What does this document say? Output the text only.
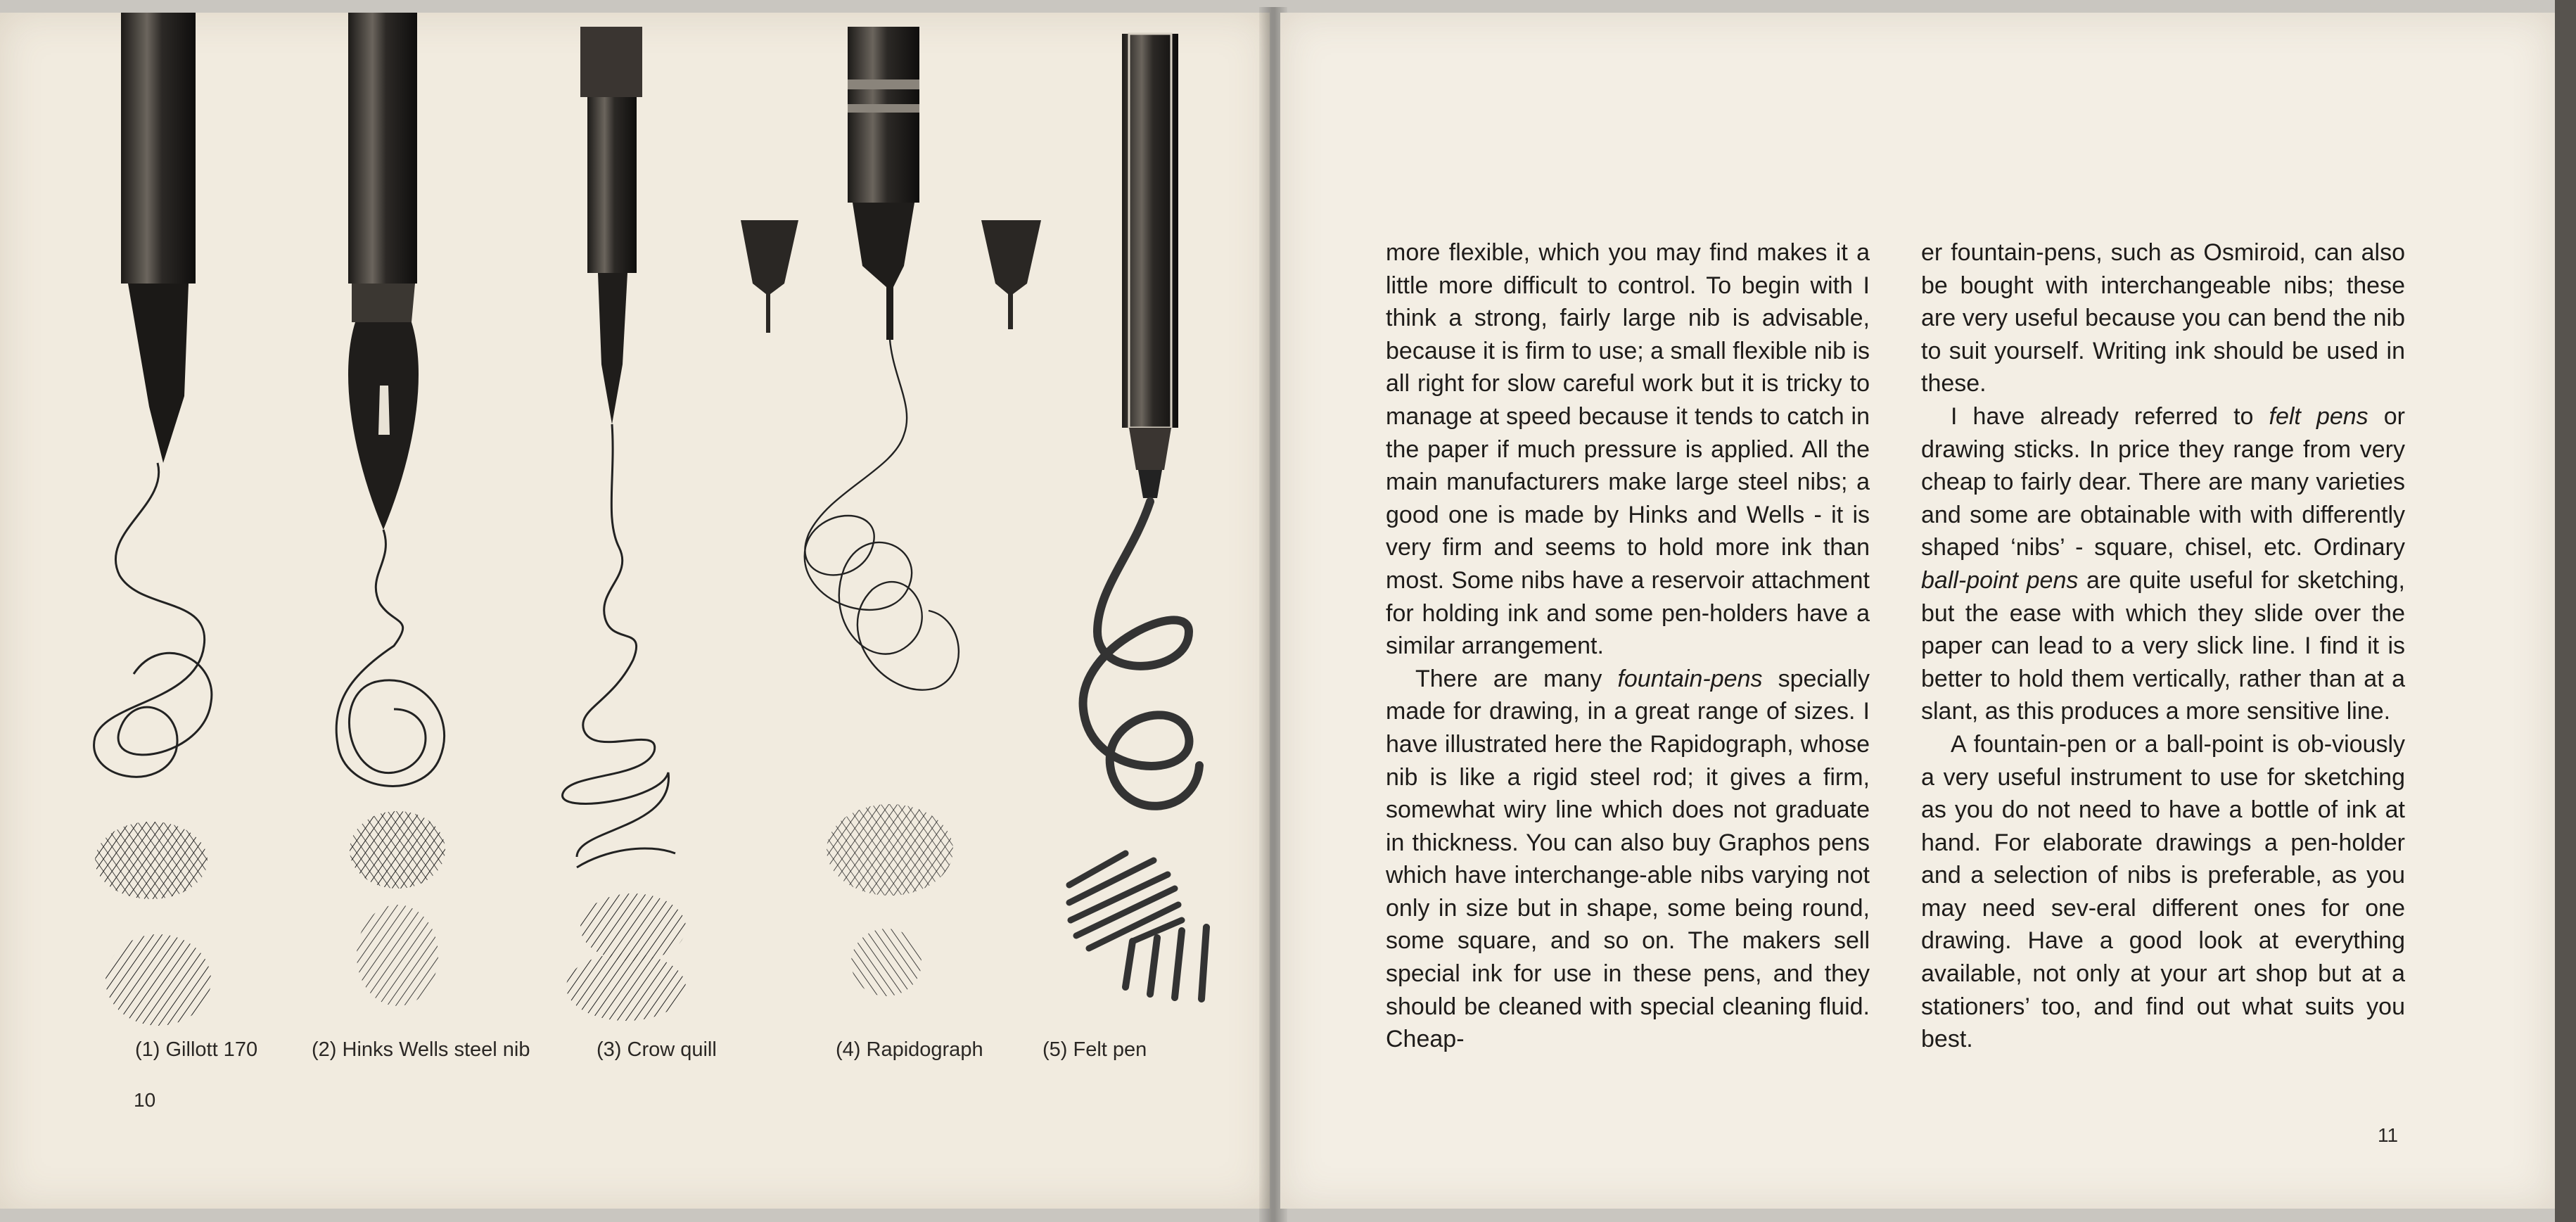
(1) Gillott 170	(2) Hinks Wells steel nib	(3) Crow quill	(4) Rapidograph	(5) Felt pen
10

more flexible, which you may find makes it a little more difficult to control. To begin with I think a strong, fairly large nib is advisable, because it is firm to use; a small flexible nib is all right for slow careful work but it is tricky to manage at speed because it tends to catch in the paper if much pressure is applied. All the main manufacturers make large steel nibs; a good one is made by Hinks and Wells - it is very firm and seems to hold more ink than most. Some nibs have a reservoir attachment for holding ink and some pen-holders have a similar arrangement.

There are many fountain-pens specially made for drawing, in a great range of sizes. I have illustrated here the Rapidograph, whose nib is like a rigid steel rod; it gives a firm, somewhat wiry line which does not graduate in thickness. You can also buy Graphos pens which have interchange-able nibs varying not only in size but in shape, some being round, some square, and so on. The makers sell special ink for use in these pens, and they should be cleaned with special cleaning fluid. Cheap-

er fountain-pens, such as Osmiroid, can also be bought with interchangeable nibs; these are very useful because you can bend the nib to suit yourself. Writing ink should be used in these.

I have already referred to felt pens or drawing sticks. In price they range from very cheap to fairly dear. There are many varieties and some are obtainable with with differently shaped ‘nibs’ - square, chisel, etc. Ordinary ball-point pens are quite useful for sketching, but the ease with which they slide over the paper can lead to a very slick line. I find it is better to hold them vertically, rather than at a slant, as this produces a more sensitive line.

A fountain-pen or a ball-point is ob-viously a very useful instrument to use for sketching as you do not need to have a bottle of ink at hand. For elaborate drawings a pen-holder and a selection of nibs is preferable, as you may need sev-eral different ones for one drawing. Have a good look at everything available, not only at your art shop but at a stationers’ too, and find out what suits you best.

11
